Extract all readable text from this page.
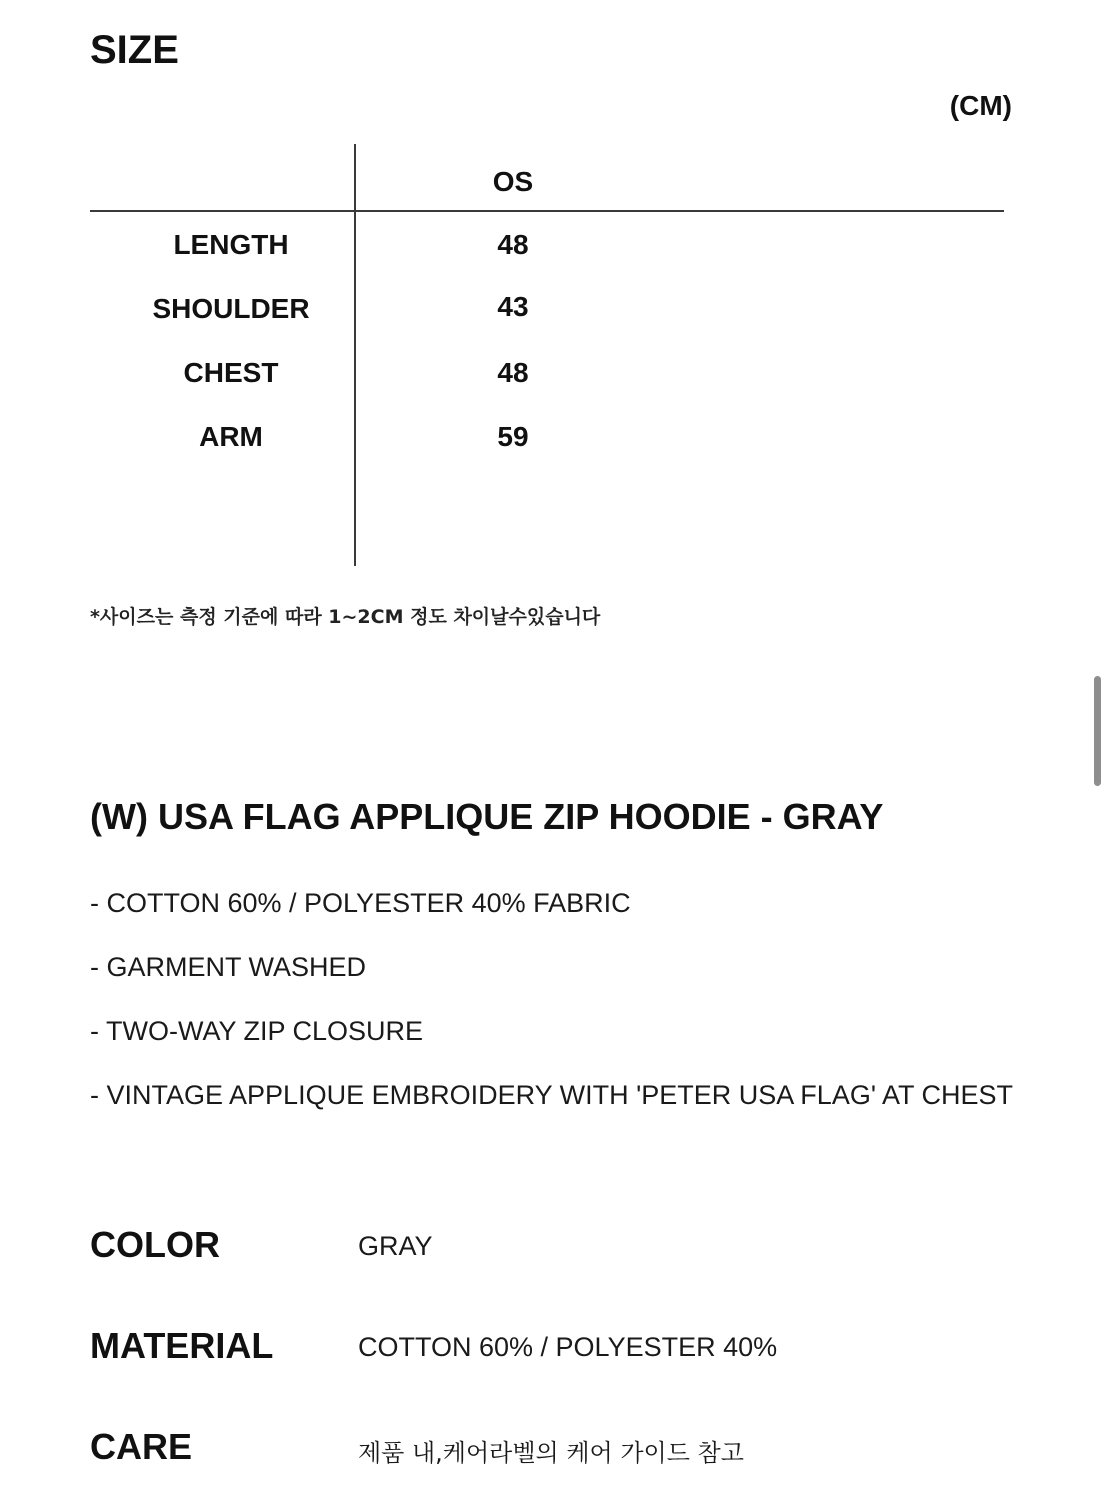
SIZE
(CM)
OS
LENGTH	48
SHOULDER	43
CHEST	48
ARM	59
*사이즈는 측정 기준에 따라 1~2CM 정도 차이날수있습니다
(W) USA FLAG APPLIQUE ZIP HOODIE - GRAY
- COTTON 60% / POLYESTER 40% FABRIC
- GARMENT WASHED
- TWO-WAY ZIP CLOSURE
- VINTAGE APPLIQUE EMBROIDERY WITH 'PETER USA FLAG' AT CHEST
COLOR	GRAY
MATERIAL	COTTON 60% / POLYESTER 40%
CARE	제품 내,케어라벨의 케어 가이드 참고
